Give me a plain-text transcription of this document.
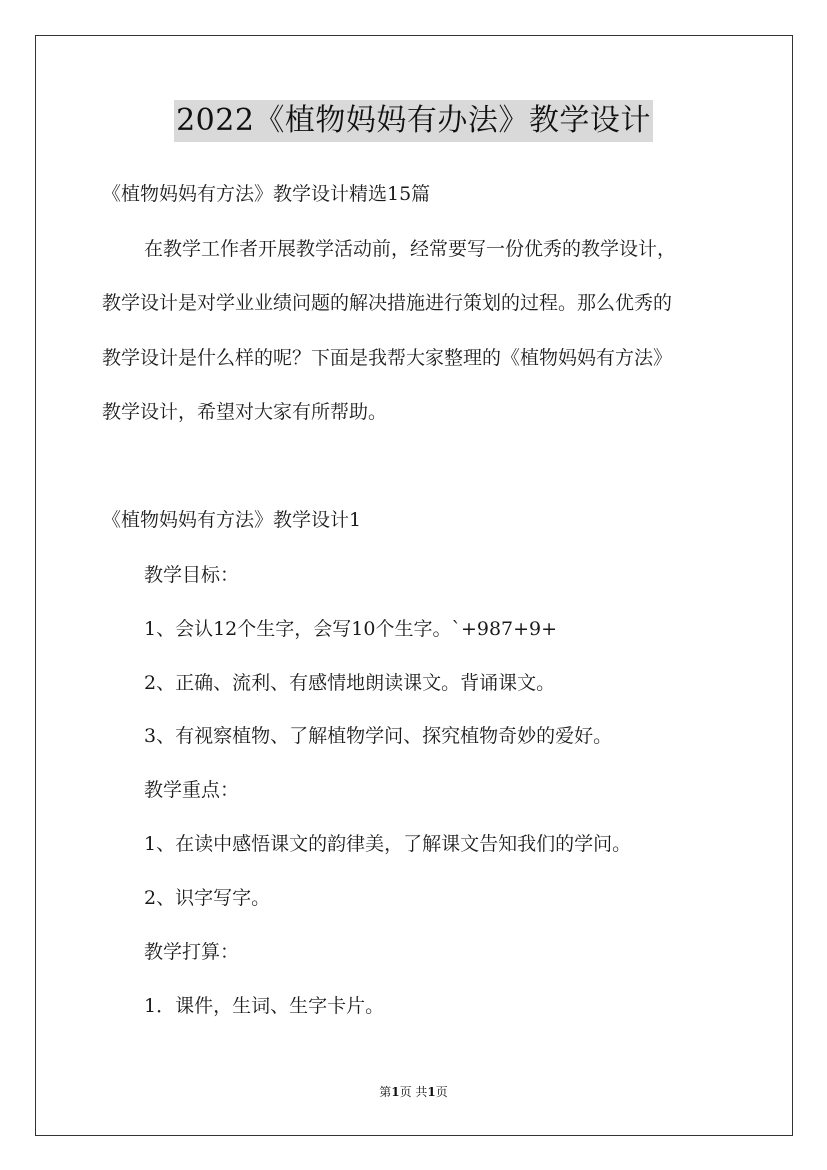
2022《植物妈妈有办法》教学设计
《植物妈妈有方法》教学设计精选15篇
在教学工作者开展教学活动前，经常要写一份优秀的教学设计，
教学设计是对学业业绩问题的解决措施进行策划的过程。那么优秀的
教学设计是什么样的呢？下面是我帮大家整理的《植物妈妈有方法》
教学设计，希望对大家有所帮助。
《植物妈妈有方法》教学设计1
教学目标：
1、会认12个生字，会写10个生字。`+987+9+
2、正确、流利、有感情地朗读课文。背诵课文。
3、有视察植物、了解植物学问、探究植物奇妙的爱好。
教学重点：
1、在读中感悟课文的韵律美，了解课文告知我们的学问。
2、识字写字。
教学打算：
1．课件，生词、生字卡片。
第1页 共1页
